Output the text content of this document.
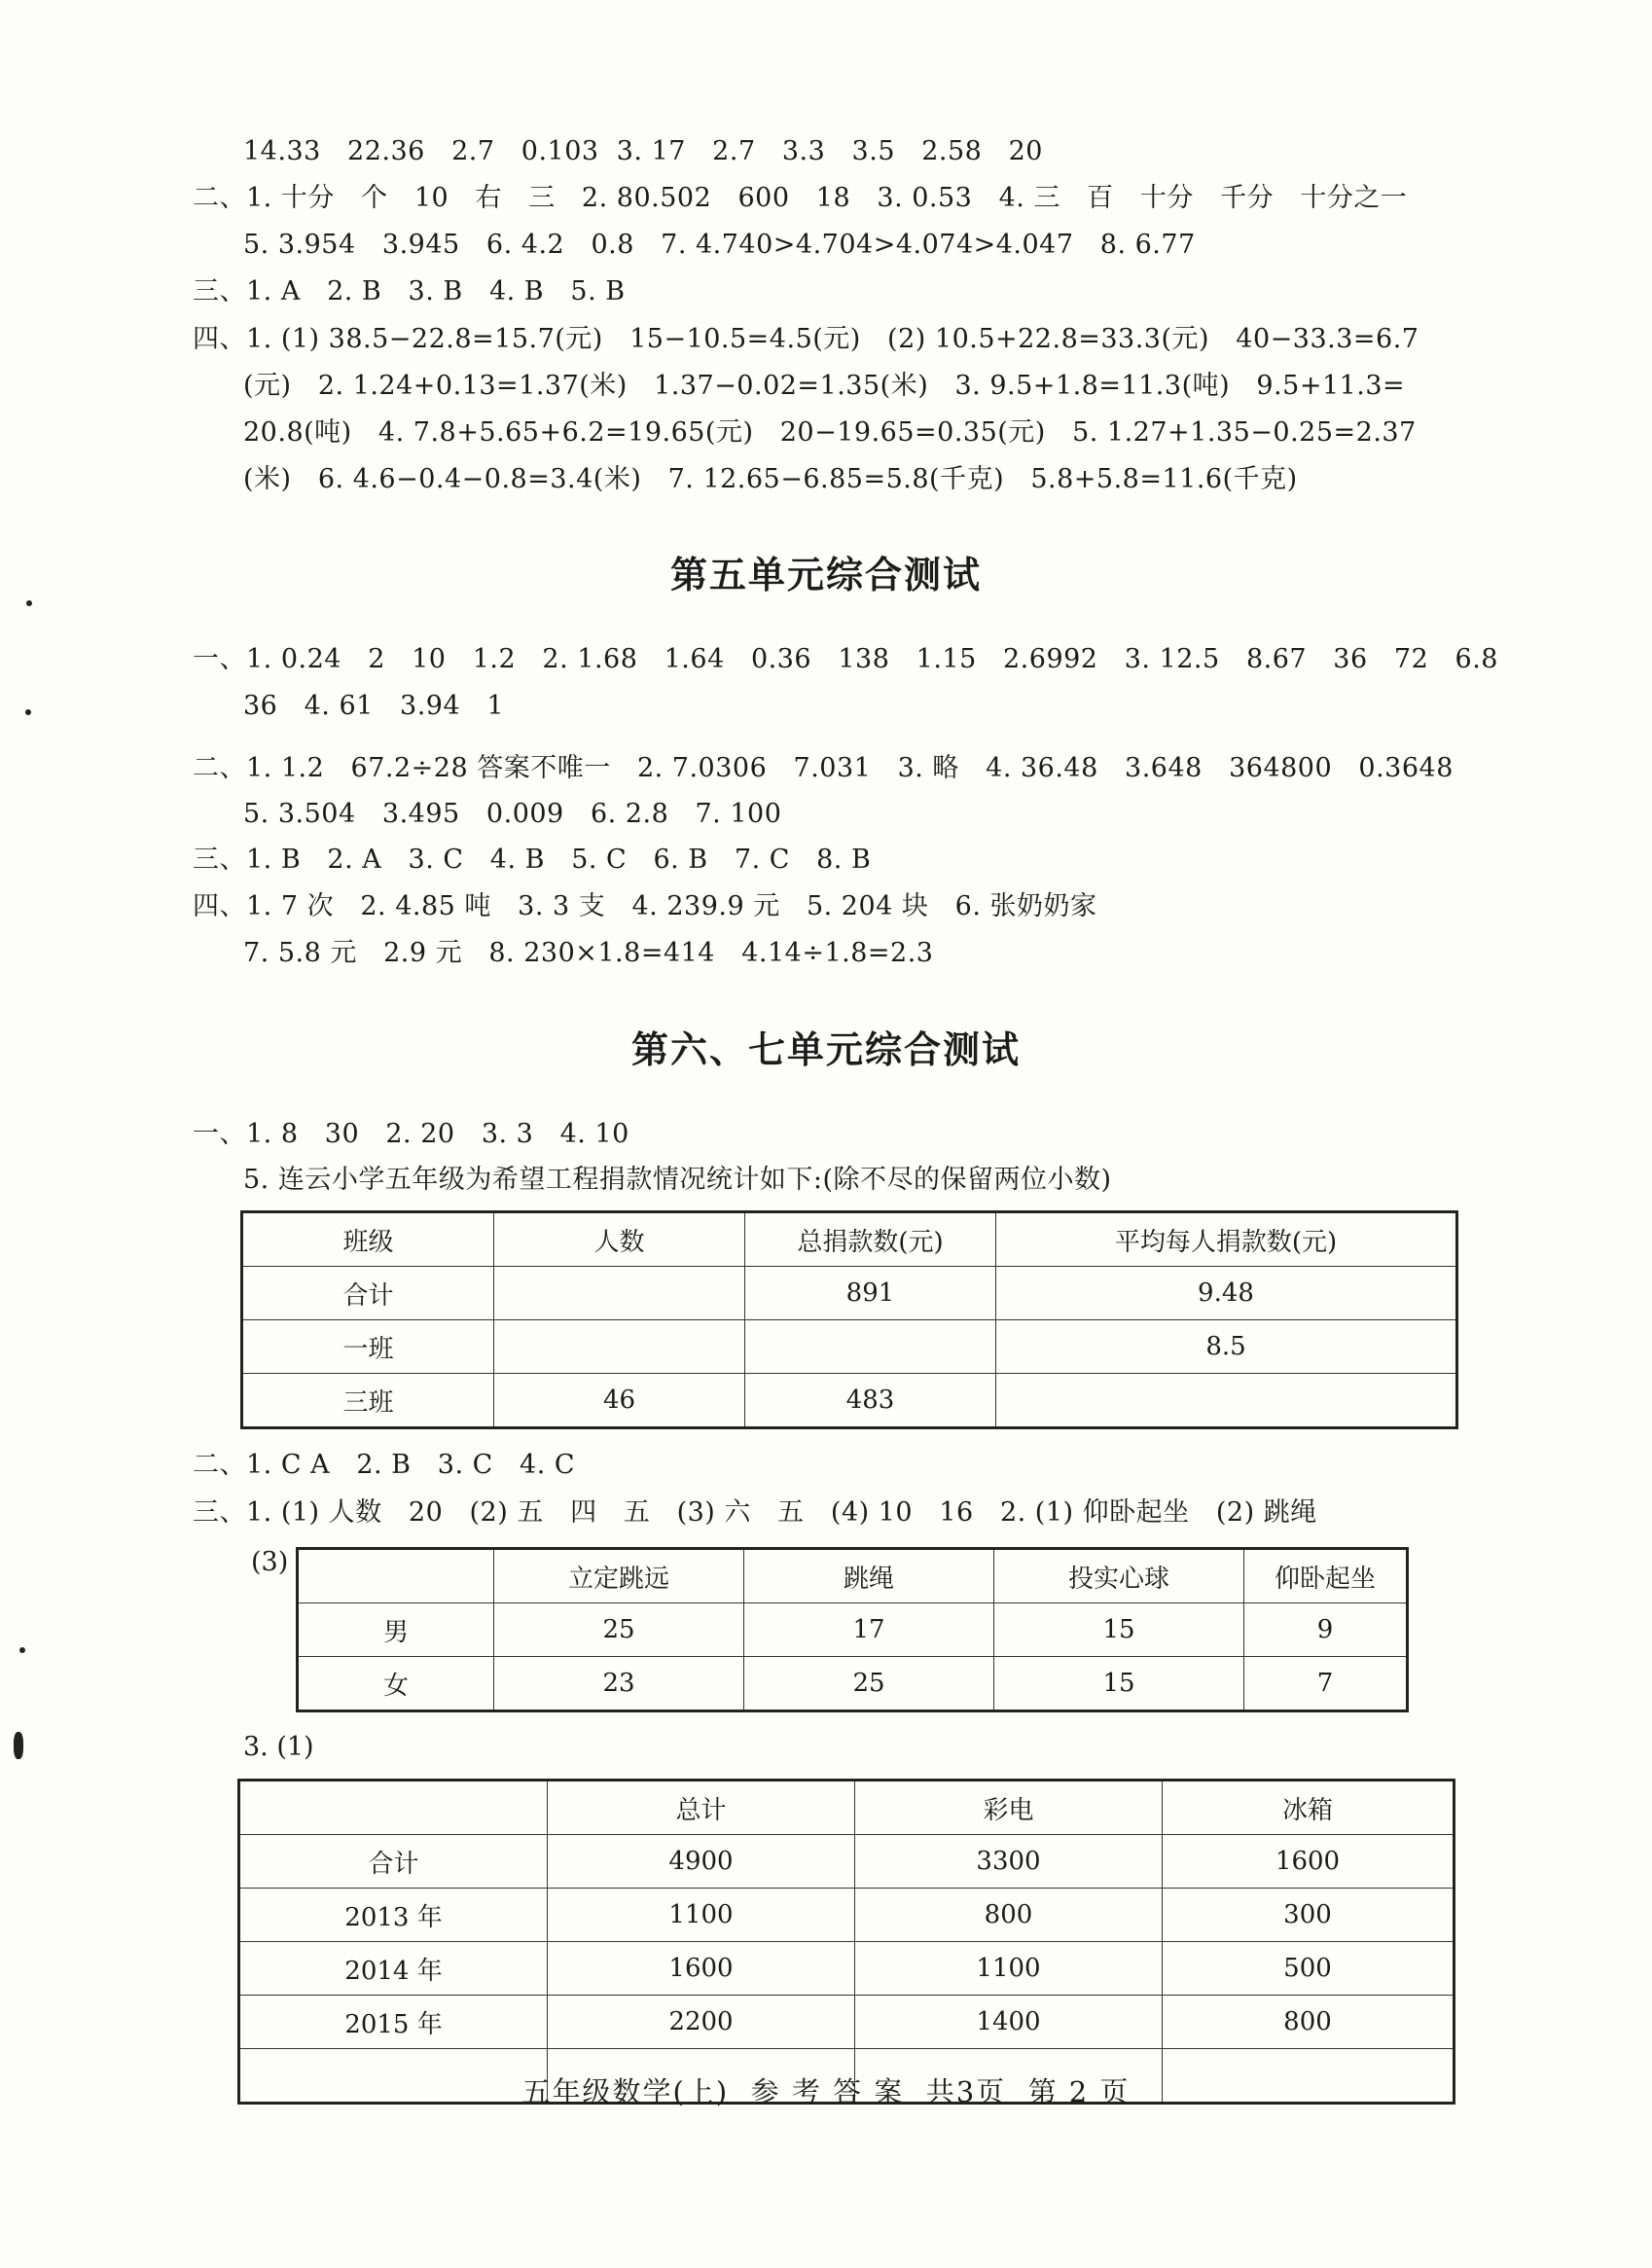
14.33   22.36   2.7   0.103  3. 17   2.7   3.3   3.5   2.58   20
二、1. 十分   个   10   右   三   2. 80.502   600   18   3. 0.53   4. 三   百   十分   千分   十分之一
5. 3.954   3.945   6. 4.2   0.8   7. 4.740>4.704>4.074>4.047   8. 6.77
三、1. A   2. B   3. B   4. B   5. B
四、1. (1) 38.5−22.8=15.7(元)   15−10.5=4.5(元)   (2) 10.5+22.8=33.3(元)   40−33.3=6.7
(元)   2. 1.24+0.13=1.37(米)   1.37−0.02=1.35(米)   3. 9.5+1.8=11.3(吨)   9.5+11.3=
20.8(吨)   4. 7.8+5.65+6.2=19.65(元)   20−19.65=0.35(元)   5. 1.27+1.35−0.25=2.37
(米)   6. 4.6−0.4−0.8=3.4(米)   7. 12.65−6.85=5.8(千克)   5.8+5.8=11.6(千克)
第五单元综合测试
一、1. 0.24   2   10   1.2   2. 1.68   1.64   0.36   138   1.15   2.6992   3. 12.5   8.67   36   72   6.8
36   4. 61   3.94   1
二、1. 1.2   67.2÷28 答案不唯一   2. 7.0306   7.031   3. 略   4. 36.48   3.648   364800   0.3648
5. 3.504   3.495   0.009   6. 2.8   7. 100
三、1. B   2. A   3. C   4. B   5. C   6. B   7. C   8. B
四、1. 7 次   2. 4.85 吨   3. 3 支   4. 239.9 元   5. 204 块   6. 张奶奶家
7. 5.8 元   2.9 元   8. 230×1.8=414   4.14÷1.8=2.3
第六、七单元综合测试
一、1. 8   30   2. 20   3. 3   4. 10
5. 连云小学五年级为希望工程捐款情况统计如下:(除不尽的保留两位小数)
班级	人数	总捐款数(元)	平均每人捐款数(元)
合计		891	9.48
一班			8.5
三班	46	483	
二、1. C A   2. B   3. C   4. C
三、1. (1) 人数   20   (2) 五   四   五   (3) 六   五   (4) 10   16   2. (1) 仰卧起坐   (2) 跳绳
(3)
	立定跳远	跳绳	投实心球	仰卧起坐
男	25	17	15	9
女	23	25	15	7
3. (1)
	总计	彩电	冰箱
合计	4900	3300	1600
2013 年	1100	800	300
2014 年	1600	1100	500
2015 年	2200	1400	800

五年级数学(上)  参 考 答 案  共3页  第 2 页
